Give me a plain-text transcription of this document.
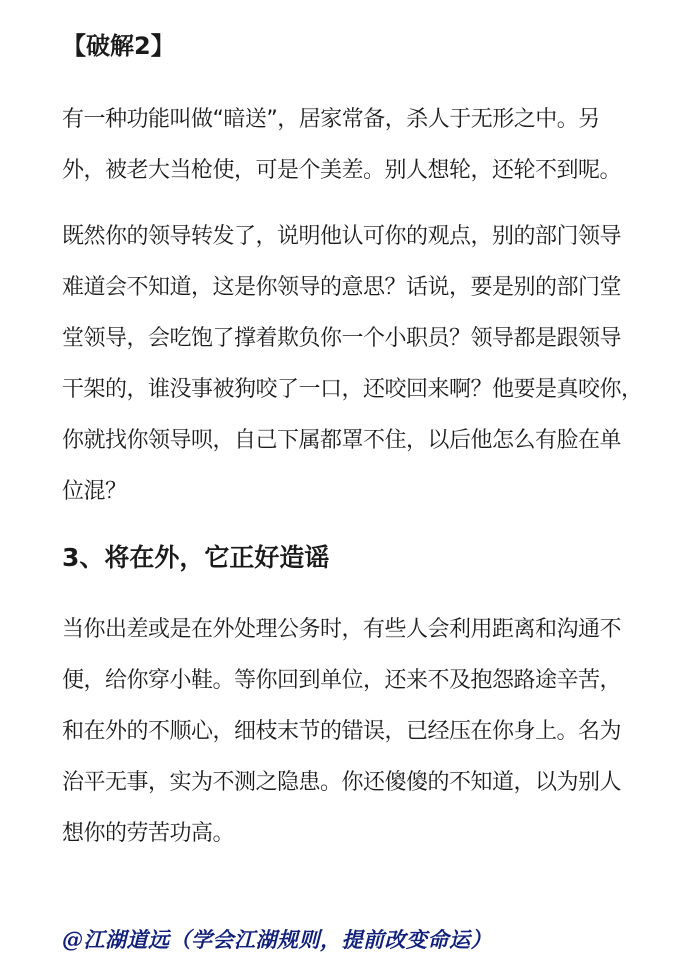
【破解2】
有一种功能叫做“暗送”，居家常备，杀人于无形之中。另
外，被老大当枪使，可是个美差。别人想轮，还轮不到呢。
既然你的领导转发了，说明他认可你的观点，别的部门领导
难道会不知道，这是你领导的意思？话说，要是别的部门堂
堂领导，会吃饱了撑着欺负你一个小职员？领导都是跟领导
干架的，谁没事被狗咬了一口，还咬回来啊？他要是真咬你，
你就找你领导呗，自己下属都罩不住，以后他怎么有脸在单
位混？
3、将在外，它正好造谣
当你出差或是在外处理公务时，有些人会利用距离和沟通不
便，给你穿小鞋。等你回到单位，还来不及抱怨路途辛苦，
和在外的不顺心，细枝末节的错误，已经压在你身上。名为
治平无事，实为不测之隐患。你还傻傻的不知道，以为别人
想你的劳苦功高。
@江湖道远（学会江湖规则，提前改变命运）
